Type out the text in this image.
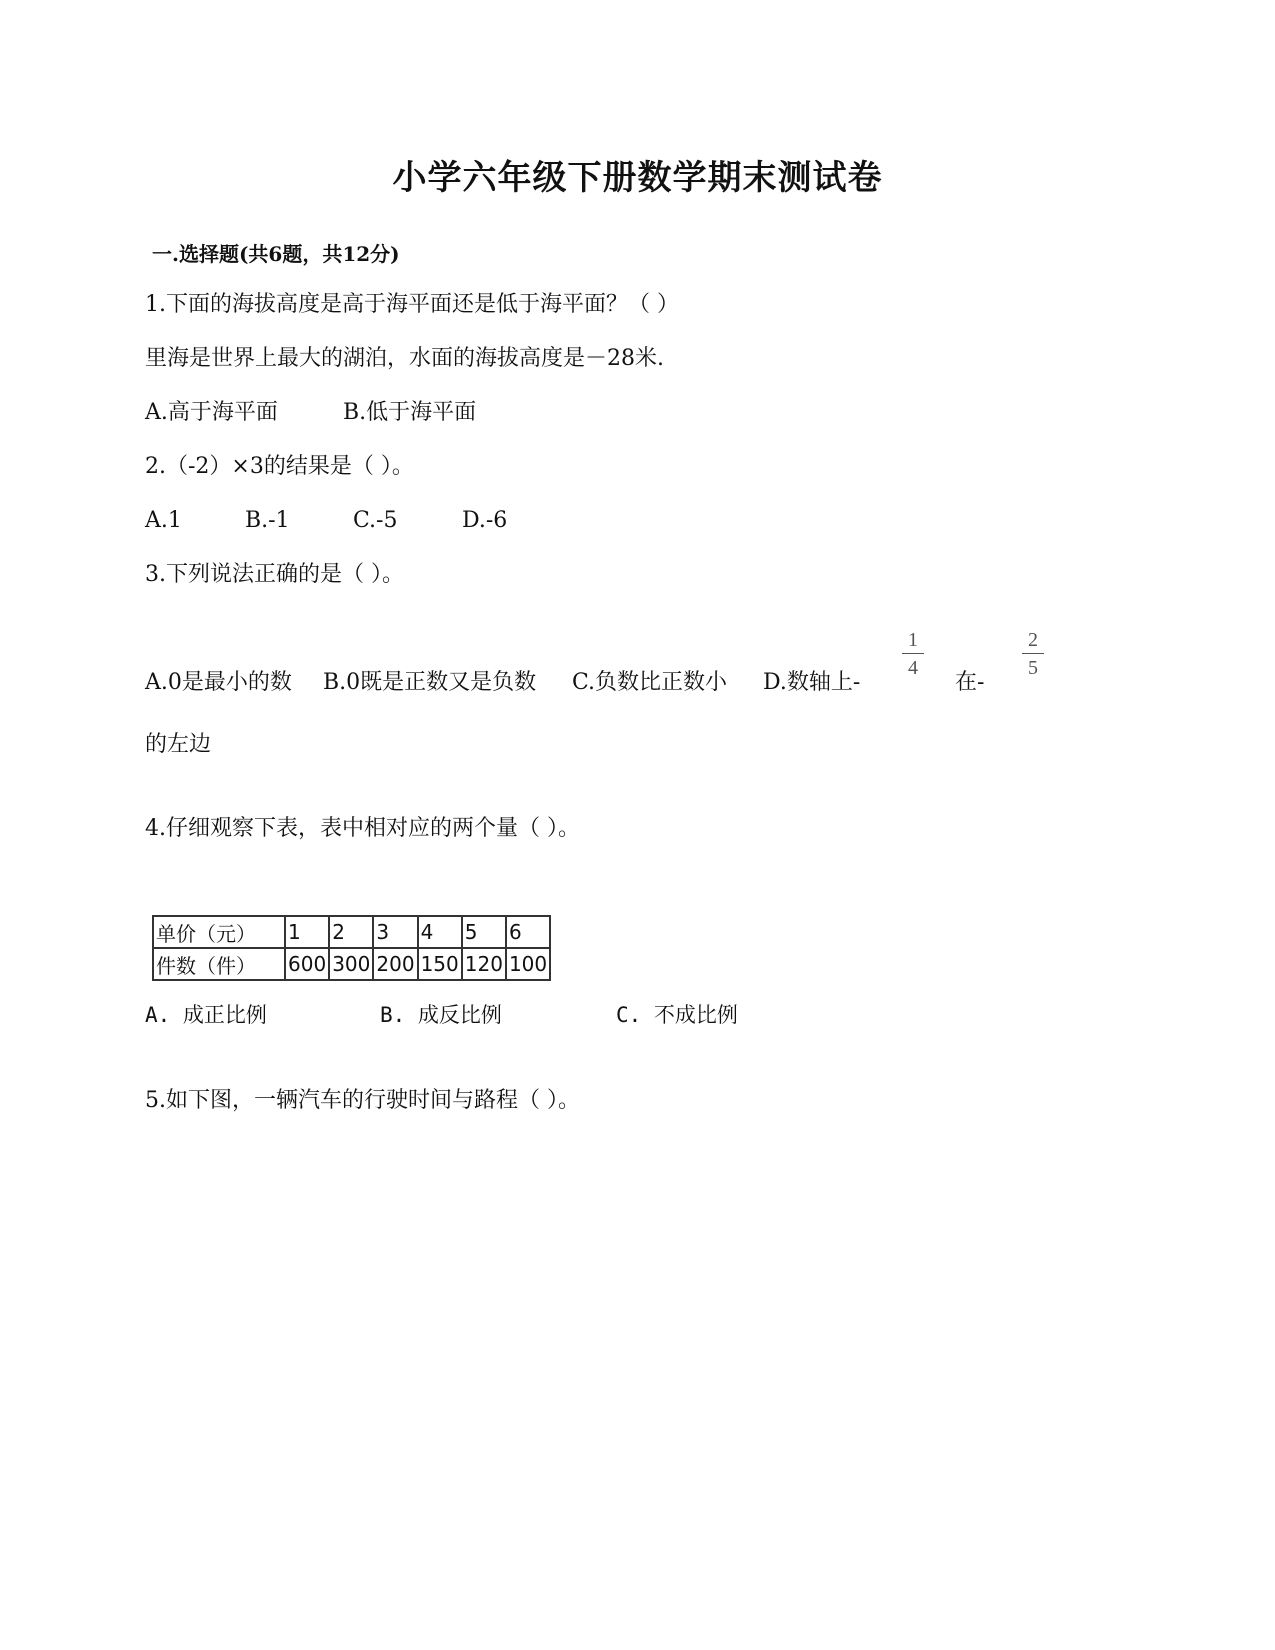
小学六年级下册数学期末测试卷
一.选择题(共6题，共12分)
1.下面的海拔高度是高于海平面还是低于海平面？（ ）
里海是世界上最大的湖泊，水面的海拔高度是－28米.
A.高于海平面	B.低于海平面
2.（-2）×3的结果是（ ）。
A.1	B.-1	C.-5	D.-6
3.下列说法正确的是（ ）。
A.0是最小的数 B.0既是正数又是负数 C.负数比正数小 D.数轴上-
1
4
在-
2
5
的左边
4.仔细观察下表，表中相对应的两个量（ ）。
单价（元）	1	2	3	4	5	6
件数（件）	600	300	200	150	120	100
A. 成正比例	B. 成反比例	C. 不成比例
5.如下图，一辆汽车的行驶时间与路程（ ）。
